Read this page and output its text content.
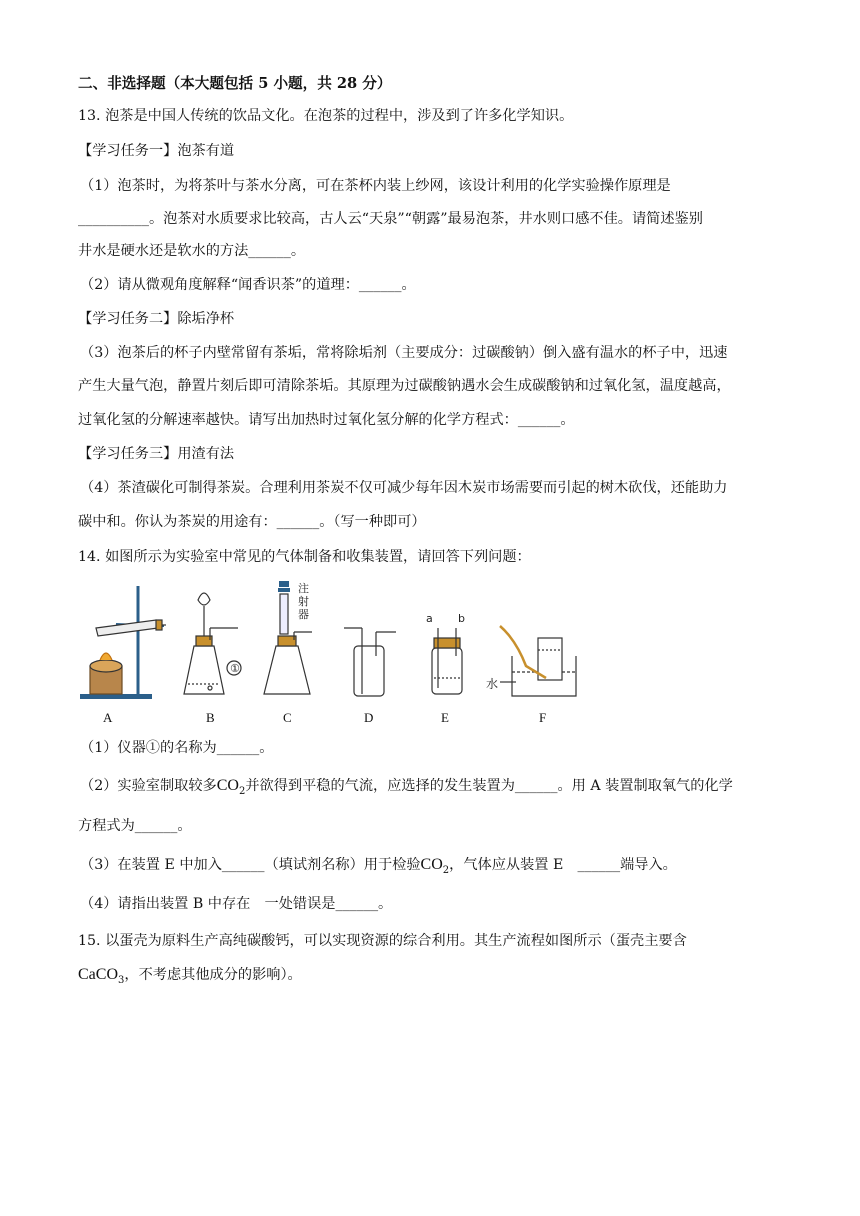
二、非选择题（本大题包括 5 小题，共 28 分）
13. 泡茶是中国人传统的饮品文化。在泡茶的过程中，涉及到了许多化学知识。
【学习任务一】泡茶有道
（1）泡茶时，为将茶叶与茶水分离，可在茶杯内装上纱网，该设计利用的化学实验操作原理是
__________。泡茶对水质要求比较高，古人云“天泉”“朝露”最易泡茶，井水则口感不佳。请简述鉴别
井水是硬水还是软水的方法______。
（2）请从微观角度解释“闻香识茶”的道理：______。
【学习任务二】除垢净杯
（3）泡茶后的杯子内壁常留有茶垢，常将除垢剂（主要成分：过碳酸钠）倒入盛有温水的杯子中，迅速
产生大量气泡，静置片刻后即可清除茶垢。其原理为过碳酸钠遇水会生成碳酸钠和过氧化氢，温度越高，
过氧化氢的分解速率越快。请写出加热时过氧化氢分解的化学方程式：______。
【学习任务三】用渣有法
（4）茶渣碳化可制得茶炭。合理利用茶炭不仅可减少每年因木炭市场需要而引起的树木砍伐，还能助力
碳中和。你认为茶炭的用途有：______。（写一种即可）
14. 如图所示为实验室中常见的气体制备和收集装置，请回答下列问题：
①
注
射
器	a b
水
A	B	C	D	E	F
（1）仪器①的名称为______。
（2）实验室制取较多$CO_2$并欲得到平稳的气流，应选择的发生装置为______。用 A 装置制取氧气的化学
方程式为______。
（3）在装置 E 中加入______（填试剂名称）用于检验$CO_2$，气体应从装置 E　______端导入。
（4）请指出装置 B 中存在　一处错误是______。
15. 以蛋壳为原料生产高纯碳酸钙，可以实现资源的综合利用。其生产流程如图所示（蛋壳主要含
CaCO$_3$，不考虑其他成分的影响）。
